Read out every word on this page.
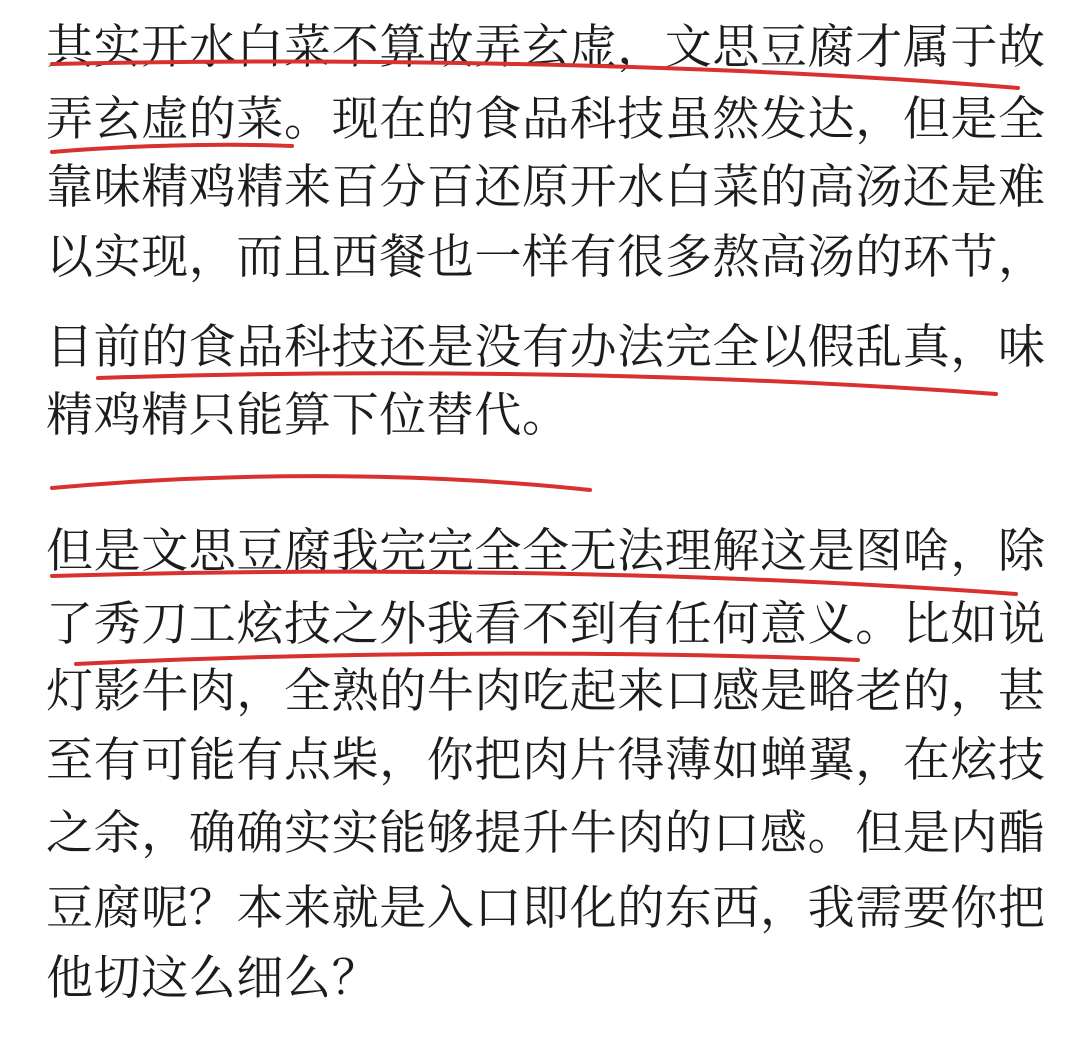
其实开水白菜不算故弄玄虚，文思豆腐才属于故

弄玄虚的菜。现在的食品科技虽然发达，但是全

靠味精鸡精来百分百还原开水白菜的高汤还是难

以实现，而且西餐也一样有很多熬高汤的环节，

目前的食品科技还是没有办法完全以假乱真，味

精鸡精只能算下位替代。

但是文思豆腐我完完全全无法理解这是图啥，除

了秀刀工炫技之外我看不到有任何意义。比如说

灯影牛肉，全熟的牛肉吃起来口感是略老的，甚

至有可能有点柴，你把肉片得薄如蝉翼，在炫技

之余，确确实实能够提升牛肉的口感。但是内酯

豆腐呢？本来就是入口即化的东西，我需要你把

他切这么细么？
